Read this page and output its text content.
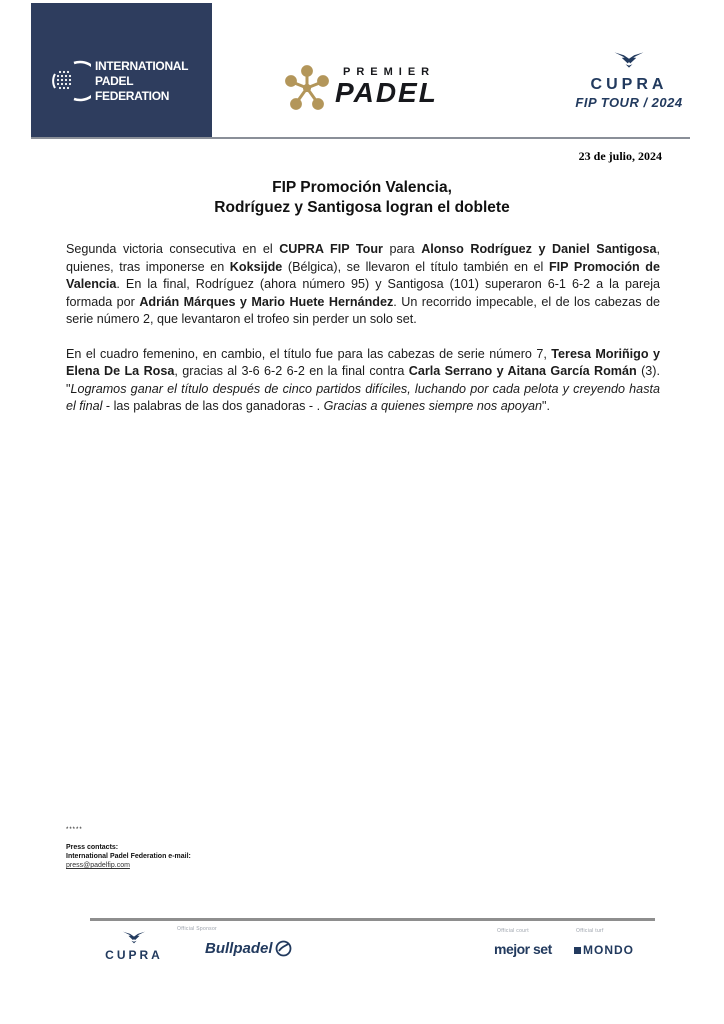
INTERNATIONAL
PADEL
FEDERATION
PREMIER
PADEL	CUPRA
FIP TOUR / 2024
23 de julio, 2024
FIP Promoción Valencia,
Rodríguez y Santigosa logran el doblete

Segunda victoria consecutiva en el CUPRA FIP Tour para Alonso Rodríguez y Daniel Santigosa, quienes, tras imponerse en Koksijde (Bélgica), se llevaron el título también en el FIP Promoción de Valencia. En la final, Rodríguez (ahora número 95) y Santigosa (101) superaron 6-1 6-2 a la pareja formada por Adrián Márques y Mario Huete Hernández. Un recorrido impecable, el de los cabezas de serie número 2, que levantaron el trofeo sin perder un solo set.

En el cuadro femenino, en cambio, el título fue para las cabezas de serie número 7, Teresa Moriñigo y Elena De La Rosa, gracias al 3-6 6-2 6-2 en la final contra Carla Serrano y Aitana García Román (3). "Logramos ganar el título después de cinco partidos difíciles, luchando por cada pelota y creyendo hasta el final - las palabras de las dos ganadoras - . Gracias a quienes siempre nos apoyan".

*****
Press contacts:
International Padel Federation e-mail:
press@padelfip.com
CUPRA
Official Sponsor
Bullpadel
Official court
mejor set
Official turf
MONDO
